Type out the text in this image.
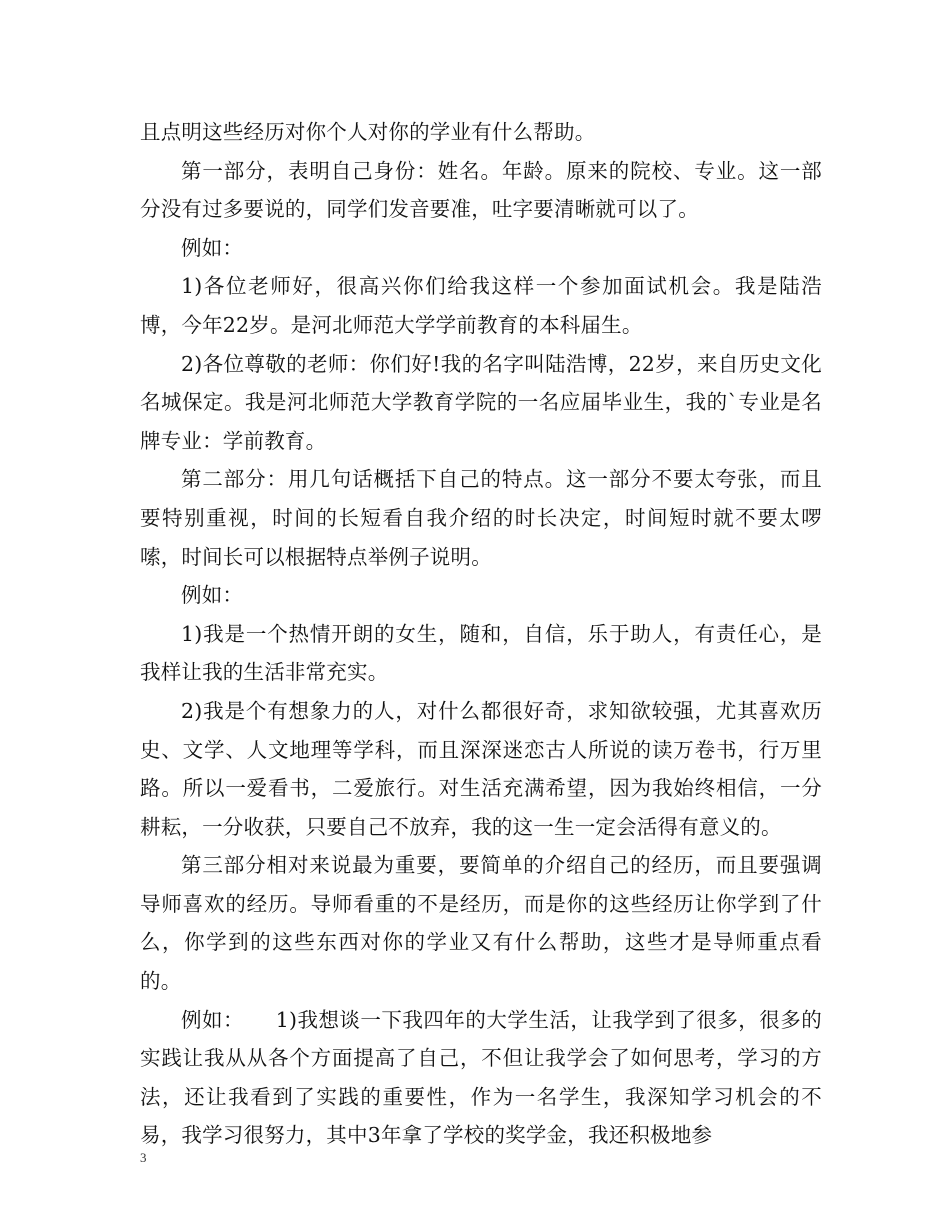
且点明这些经历对你个人对你的学业有什么帮助。

第一部分，表明自己身份：姓名。年龄。原来的院校、专业。这一部分没有过多要说的，同学们发音要准，吐字要清晰就可以了。

例如：

1)各位老师好，很高兴你们给我这样一个参加面试机会。我是陆浩博，今年22岁。是河北师范大学学前教育的本科届生。

2)各位尊敬的老师：你们好!我的名字叫陆浩博，22岁，来自历史文化名城保定。我是河北师范大学教育学院的一名应届毕业生，我的`专业是名牌专业：学前教育。

第二部分：用几句话概括下自己的特点。这一部分不要太夸张，而且要特别重视，时间的长短看自我介绍的时长决定，时间短时就不要太啰嗦，时间长可以根据特点举例子说明。

例如：

1)我是一个热情开朗的女生，随和，自信，乐于助人，有责任心，是我样让我的生活非常充实。

2)我是个有想象力的人，对什么都很好奇，求知欲较强，尤其喜欢历史、文学、人文地理等学科，而且深深迷恋古人所说的读万卷书，行万里路。所以一爱看书，二爱旅行。对生活充满希望，因为我始终相信，一分耕耘，一分收获，只要自己不放弃，我的这一生一定会活得有意义的。

第三部分相对来说最为重要，要简单的介绍自己的经历，而且要强调导师喜欢的经历。导师看重的不是经历，而是你的这些经历让你学到了什么，你学到的这些东西对你的学业又有什么帮助，这些才是导师重点看的。

例如：　　1)我想谈一下我四年的大学生活，让我学到了很多，很多的实践让我从从各个方面提高了自己，不但让我学会了如何思考，学习的方法，还让我看到了实践的重要性，作为一名学生，我深知学习机会的不易，我学习很努力，其中3年拿了学校的奖学金，我还积极地参

3
